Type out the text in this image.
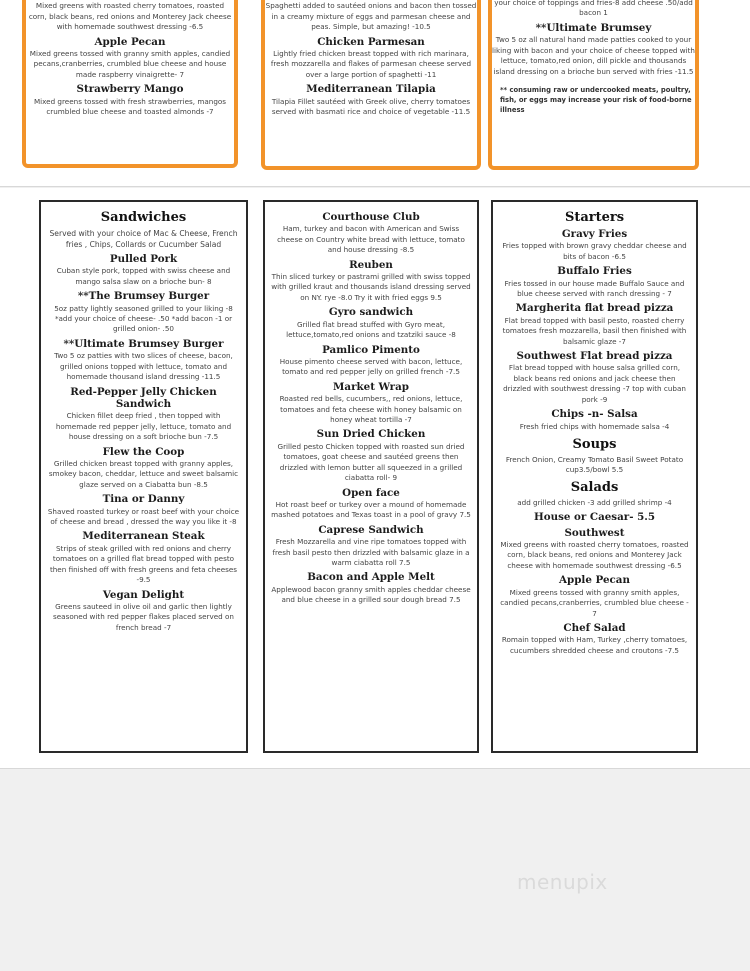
Mixed greens with roasted cherry tomatoes, roasted corn, black beans, red onions and Monterey Jack cheese with homemade southwest dressing -6.5

Apple Pecan

Mixed greens tossed with granny smith apples, candied pecans,cranberries, crumbled blue cheese and house made raspberry vinaigrette- 7

Strawberry Mango

Mixed greens tossed with fresh strawberries, mangos crumbled blue cheese and toasted almonds -7

Spaghetti added to sautéed onions and bacon then tossed in a creamy mixture of eggs and parmesan cheese and peas. Simple, but amazing! -10.5

Chicken Parmesan

Lightly fried chicken breast topped with rich marinara, fresh mozzarella and flakes of parmesan cheese served over a large portion of spaghetti -11

Mediterranean Tilapia

Tilapia Fillet sautéed with Greek olive, cherry tomatoes served with basmati rice and choice of vegetable -11.5

your choice of toppings and fries-8 add cheese .50/add bacon 1

**Ultimate Brumsey

Two 5 oz all natural hand made patties cooked to your liking with bacon and your choice of cheese topped with lettuce, tomato,red onion, dill pickle and thousands island dressing on a brioche bun served with fries -11.5

** consuming raw or undercooked meats, poultry, fish, or eggs may increase your risk of food-borne illness

Sandwiches

Served with your choice of Mac & Cheese, French fries , Chips, Collards or Cucumber Salad

Pulled Pork

Cuban style pork, topped with swiss cheese and mango salsa slaw on a brioche bun- 8

**The Brumsey Burger

5oz patty lightly seasoned grilled to your liking -8 *add your choice of cheese- .50 *add bacon -1 or grilled onion- .50

**Ultimate Brumsey Burger

Two 5 oz patties with two slices of cheese, bacon, grilled onions topped with lettuce, tomato and homemade thousand island dressing -11.5

Red-Pepper Jelly Chicken Sandwich

Chicken fillet deep fried , then topped with homemade red pepper jelly, lettuce, tomato and house dressing on a soft brioche bun -7.5

Flew the Coop

Grilled chicken breast topped with granny apples, smokey bacon, cheddar, lettuce and sweet balsamic glaze served on a Ciabatta bun -8.5

Tina or Danny

Shaved roasted turkey or roast beef with your choice of cheese and bread , dressed the way you like it -8

Mediterranean Steak

Strips of steak grilled with red onions and cherry tomatoes on a grilled flat bread topped with pesto then finished off with fresh greens and feta cheeses -9.5

Vegan Delight

Greens sauteed in olive oil and garlic then lightly seasoned with red pepper flakes placed served on french bread -7

Courthouse Club

Ham, turkey and bacon with American and Swiss cheese on Country white bread with lettuce, tomato and house dressing -8.5

Reuben

Thin sliced turkey or pastrami grilled with swiss topped with grilled kraut and thousands island dressing served on NY. rye -8.0 Try it with fried eggs 9.5

Gyro sandwich

Grilled flat bread stuffed with Gyro meat, lettuce,tomato,red onions and tzatziki sauce -8

Pamlico Pimento

House pimento cheese served with bacon, lettuce, tomato and red pepper jelly on grilled french -7.5

Market Wrap

Roasted red bells, cucumbers,, red onions, lettuce, tomatoes and feta cheese with honey balsamic on honey wheat tortilla -7

Sun Dried Chicken

Grilled pesto Chicken topped with roasted sun dried tomatoes, goat cheese and sautéed greens then drizzled with lemon butter all squeezed in a grilled ciabatta roll- 9

Open face

Hot roast beef or turkey over a mound of homemade mashed potatoes and Texas toast in a pool of gravy 7.5

Caprese Sandwich

Fresh Mozzarella and vine ripe tomatoes topped with fresh basil pesto then drizzled with balsamic glaze in a warm ciabatta roll 7.5

Bacon and Apple Melt

Applewood bacon granny smith apples cheddar cheese and blue cheese in a grilled sour dough bread 7.5

Starters
Gravy Fries

Fries topped with brown gravy cheddar cheese and bits of bacon -6.5

Buffalo Fries

Fries tossed in our house made Buffalo Sauce and blue cheese served with ranch dressing - 7

Margherita flat bread pizza

Flat bread topped with basil pesto, roasted cherry tomatoes fresh mozzarella, basil then finished with balsamic glaze -7

Southwest Flat bread pizza

Flat bread topped with house salsa grilled corn, black beans red onions and jack cheese then drizzled with southwest dressing -7 top with cuban pork -9

Chips -n- Salsa

Fresh fried chips with homemade salsa -4

Soups

French Onion, Creamy Tomato Basil Sweet Potato cup3.5/bowl 5.5

Salads

add grilled chicken -3 add grilled shrimp -4

House or Caesar- 5.5
Southwest

Mixed greens with roasted cherry tomatoes, roasted corn, black beans, red onions and Monterey Jack cheese with homemade southwest dressing -6.5

Apple Pecan

Mixed greens tossed with granny smith apples, candied pecans,cranberries, crumbled blue cheese - 7

Chef Salad

Romain topped with Ham, Turkey ,cherry tomatoes, cucumbers shredded cheese and croutons -7.5

menupix
